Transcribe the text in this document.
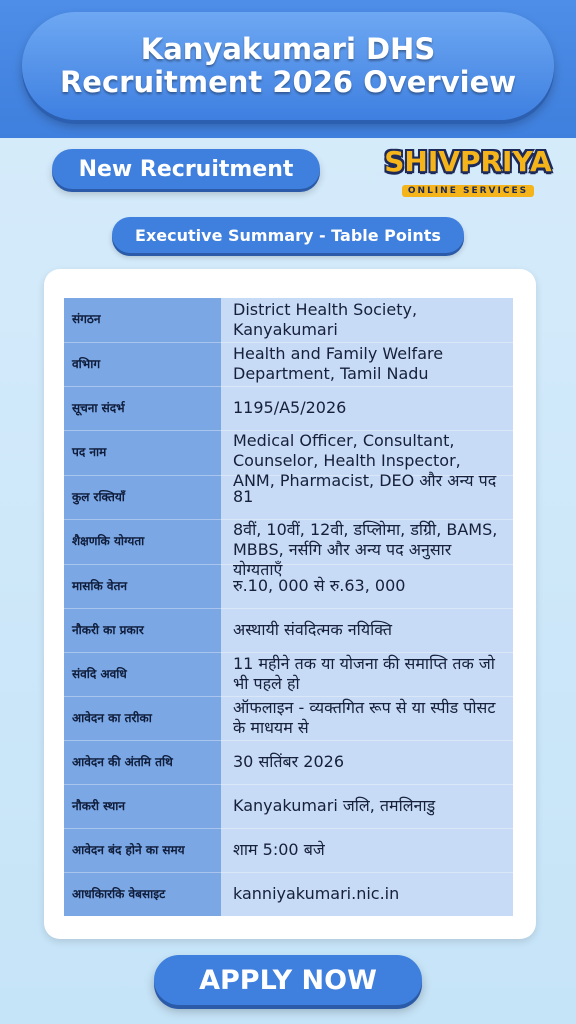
Kanyakumari DHS Recruitment 2026 Overview
New Recruitment	SHIVPRIYA
ONLINE SERVICES
Executive Summary - Table Points
संगठन	District Health Society, Kanyakumari

वभिाग	Health and Family Welfare Department, Tamil Nadu

सूचना संदर्भ	1195/A5/2026

पद नाम	Medical Officer, Consultant, Counselor, Health Inspector, ANM, Pharmacist, DEO और अन्य पद

कुल रक्तियाँ	81

शैक्षणकि योग्यता	8वीं, 10वीं, 12वी, डप्लिोमा, डग्रिी, BAMS, MBBS, नर्सगि और अन्य पद अनुसार योग्यताएँ

मासकि वेतन	रु.10, 000 से रु.63, 000

नौकरी का प्रकार	अस्थायी संवदित्मक नयिक्ति

संवदि अवधि	11 महीने तक या योजना की समाप्ति तक जो भी पहले हो

आवेदन का तरीका	ऑफलाइन - व्यक्तगित रूप से या स्पीड पोसट के माधयम से

आवेदन की अंतमि तथि	30 सतिंबर 2026

नौकरी स्थान	Kanyakumari जलि, तमलिनाडु

आवेदन बंद होने का समय	शाम 5:00 बजे

आधकिारकि वेबसाइट	kanniyakumari.nic.in
APPLY NOW
